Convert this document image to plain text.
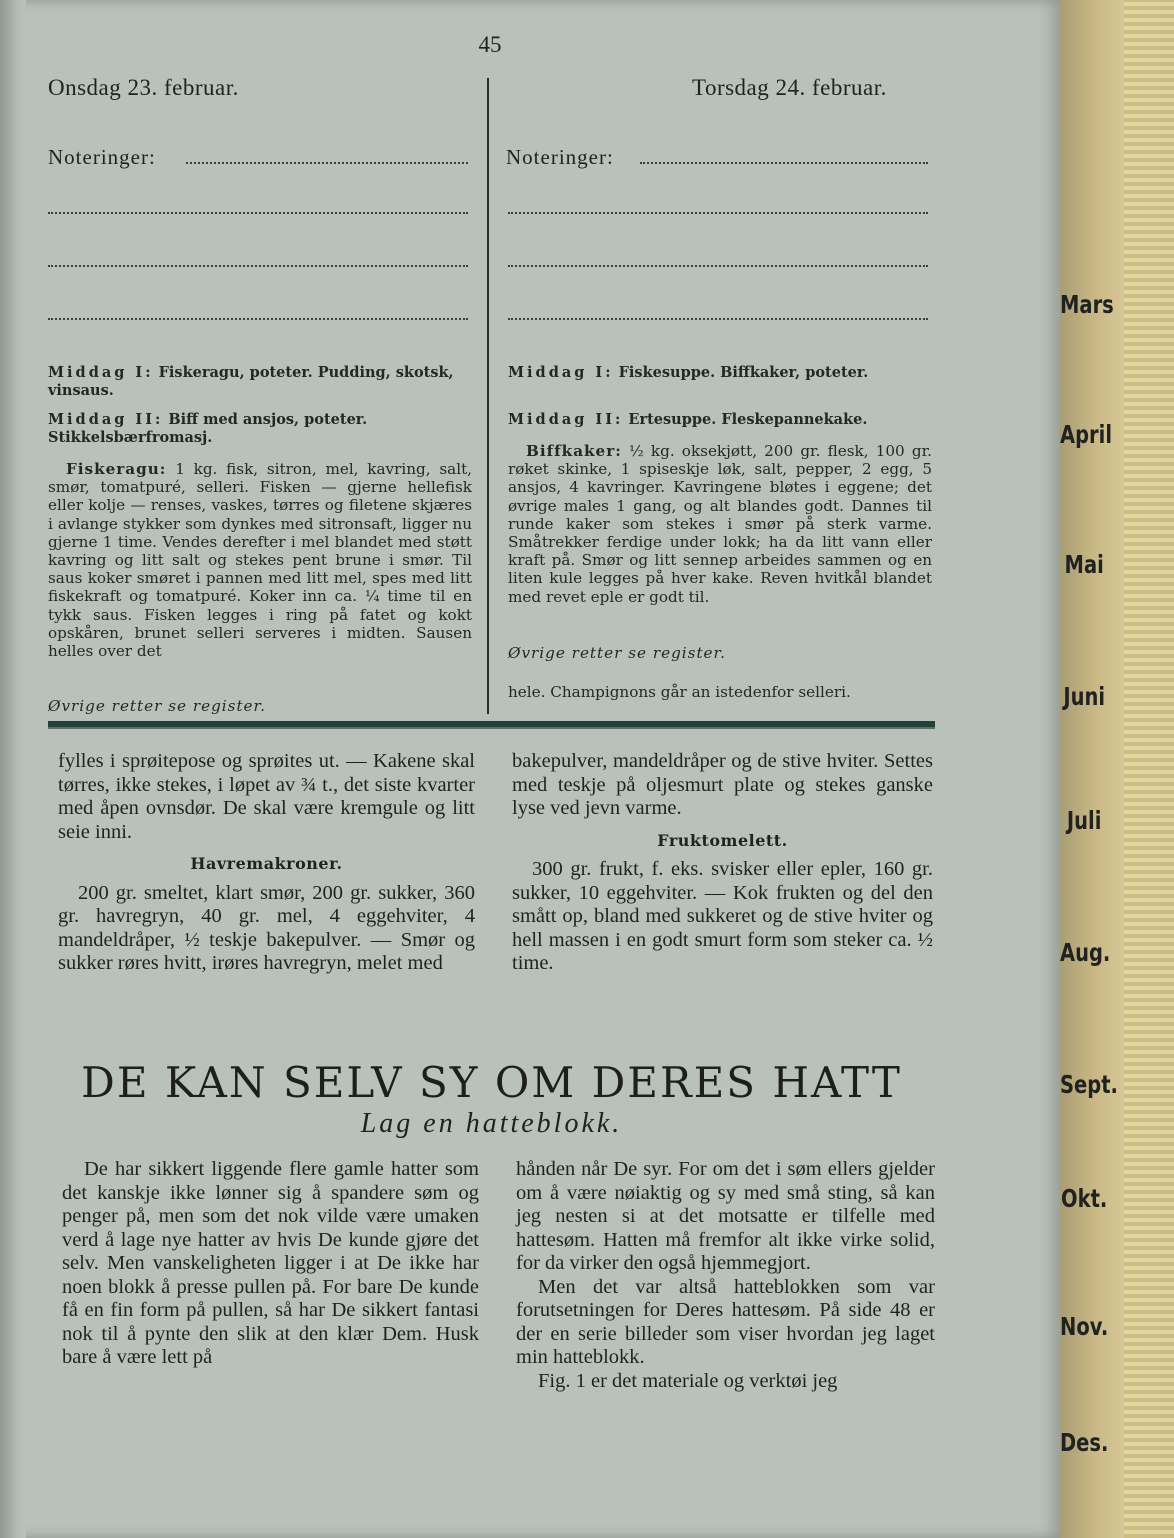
45
Onsdag 23. februar.	Torsdag 24. februar.
Noteringer:	Noteringer:
Middag I: Fiskeragu, poteter. Pudding, skotsk, vinsaus.
Middag II: Biff med ansjos, poteter. Stikkelsbærfromasj.
Fiskeragu: 1 kg. fisk, sitron, mel, kavring, salt, smør, tomatpuré, selleri. Fisken — gjerne hellefisk eller kolje — renses, vaskes, tørres og filetene skjæres i avlange stykker som dynkes med sitronsaft, ligger nu gjerne 1 time. Vendes derefter i mel blandet med støtt kavring og litt salt og stekes pent brune i smør. Til saus koker smøret i pannen med litt mel, spes med litt fiskekraft og tomatpuré. Koker inn ca. ¼ time til en tykk saus. Fisken legges i ring på fatet og kokt opskåren, brunet selleri serveres i midten. Sausen helles over det
Øvrige retter se register.
Middag I: Fiskesuppe. Biffkaker, poteter.
Middag II: Ertesuppe. Fleskepannekake.
Biffkaker: ½ kg. oksekjøtt, 200 gr. flesk, 100 gr. røket skinke, 1 spiseskje løk, salt, pepper, 2 egg, 5 ansjos, 4 kavringer. Kavringene bløtes i eggene; det øvrige males 1 gang, og alt blandes godt. Dannes til runde kaker som stekes i smør på sterk varme. Småtrekker ferdige under lokk; ha da litt vann eller kraft på. Smør og litt sennep arbeides sammen og en liten kule legges på hver kake. Reven hvitkål blandet med revet eple er godt til.
Øvrige retter se register.
hele. Champignons går an istedenfor selleri.
fylles i sprøitepose og sprøites ut. — Kakene skal tørres, ikke stekes, i løpet av ¾ t., det siste kvarter med åpen ovnsdør. De skal være kremgule og litt seie inni.
Havremakroner.
200 gr. smeltet, klart smør, 200 gr. sukker, 360 gr. havregryn, 40 gr. mel, 4 eggehviter, 4 mandeldråper, ½ teskje bakepulver. — Smør og sukker røres hvitt, irøres havregryn, melet med
bakepulver, mandeldråper og de stive hviter. Settes med teskje på oljesmurt plate og stekes ganske lyse ved jevn varme.
Fruktomelett.
300 gr. frukt, f. eks. svisker eller epler, 160 gr. sukker, 10 eggehviter. — Kok frukten og del den smått op, bland med sukkeret og de stive hviter og hell massen i en godt smurt form som steker ca. ½ time.
DE KAN SELV SY OM DERES HATT
Lag en hatteblokk.
De har sikkert liggende flere gamle hatter som det kanskje ikke lønner sig å spandere søm og penger på, men som det nok vilde være umaken verd å lage nye hatter av hvis De kunde gjøre det selv. Men vanskeligheten ligger i at De ikke har noen blokk å presse pullen på. For bare De kunde få en fin form på pullen, så har De sikkert fantasi nok til å pynte den slik at den klær Dem. Husk bare å være lett på
hånden når De syr. For om det i søm ellers gjelder om å være nøiaktig og sy med små sting, så kan jeg nesten si at det motsatte er tilfelle med hattesøm. Hatten må fremfor alt ikke virke solid, for da virker den også hjemmegjort.
Men det var altså hatteblokken som var forutsetningen for Deres hattesøm. På side 48 er der en serie billeder som viser hvordan jeg laget min hatteblokk.
Fig. 1 er det materiale og verktøi jeg
Mars
April
Mai
Juni
Juli
Aug.
Sept.
Okt.
Nov.
Des.
